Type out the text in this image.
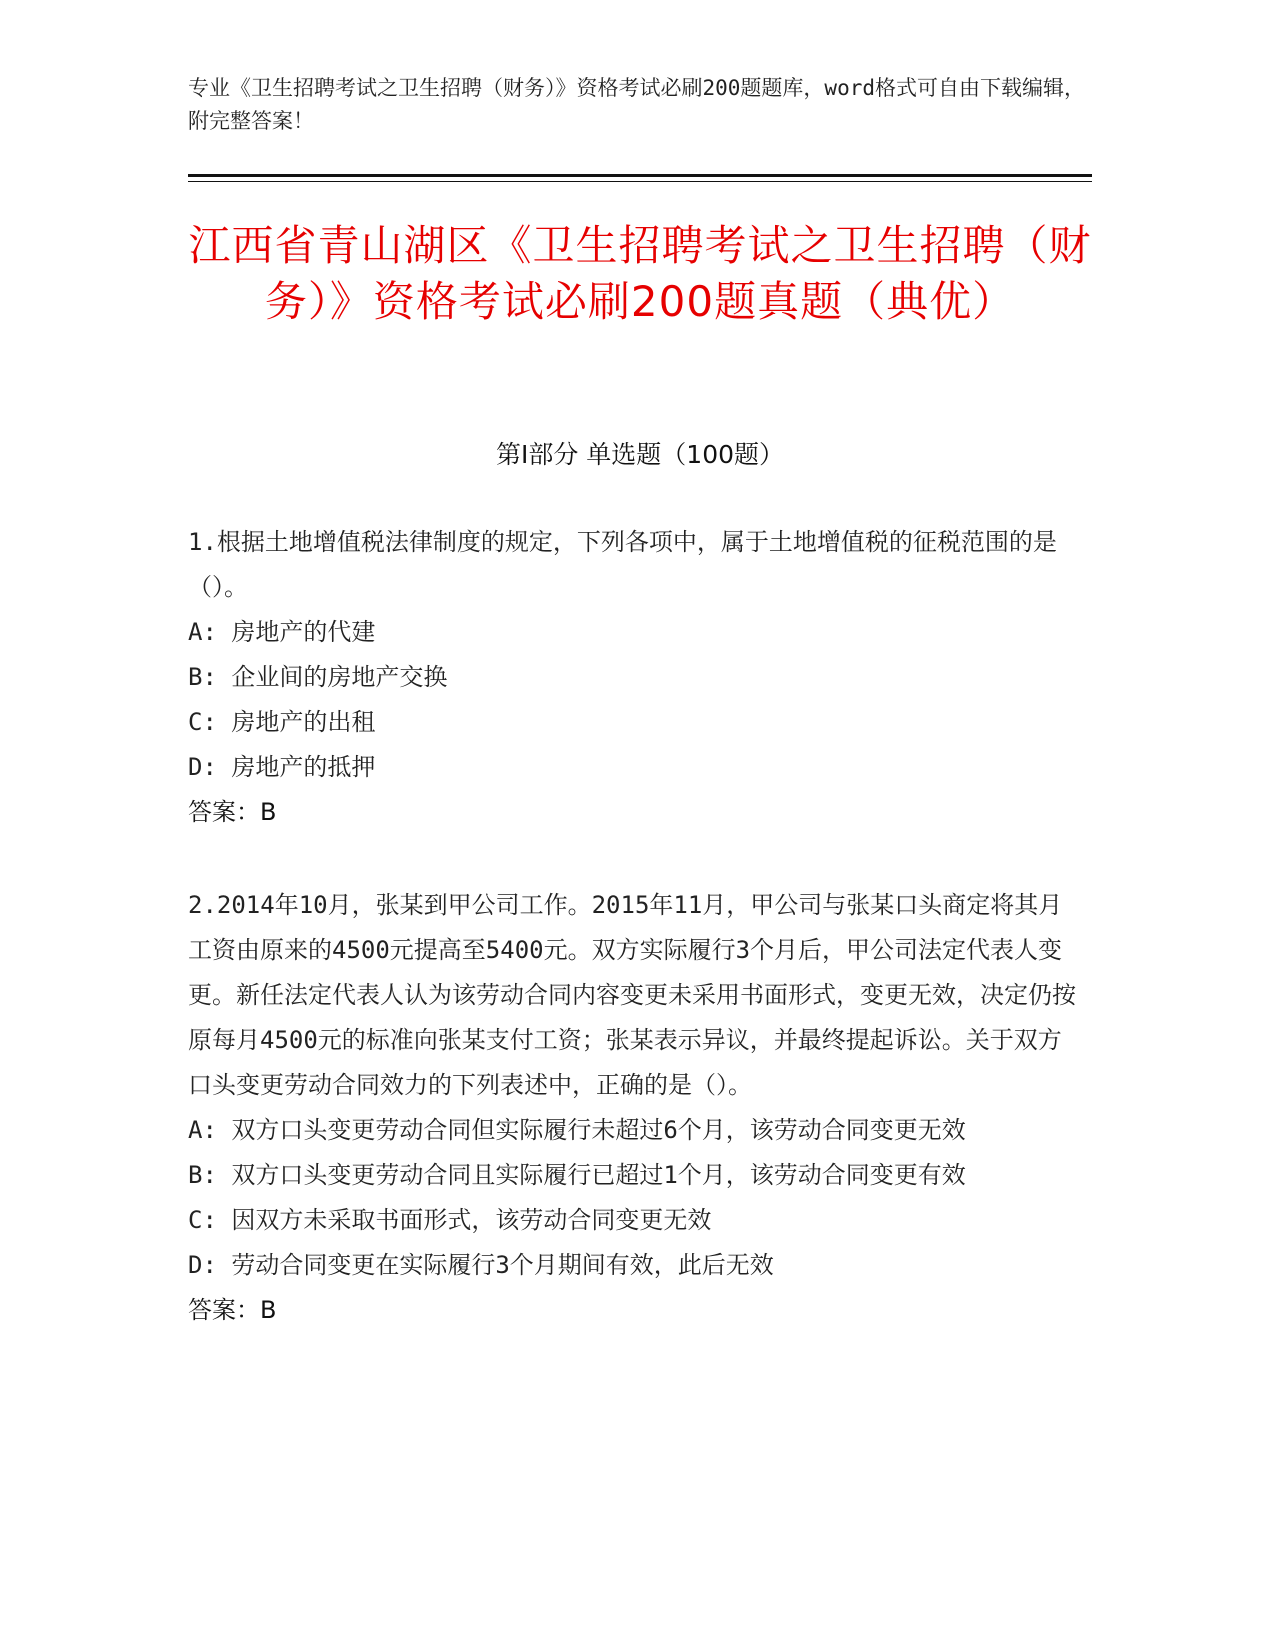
专业《卫生招聘考试之卫生招聘（财务）》资格考试必刷200题题库，word格式可自由下载编辑，附完整答案！
江西省青山湖区《卫生招聘考试之卫生招聘（财务）》资格考试必刷200题真题（典优）
第I部分 单选题（100题）

1.根据土地增值税法律制度的规定，下列各项中，属于土地增值税的征税范围的是（）。

A: 房地产的代建

B: 企业间的房地产交换

C: 房地产的出租

D: 房地产的抵押

答案：B

2.2014年10月，张某到甲公司工作。2015年11月，甲公司与张某口头商定将其月工资由原来的4500元提高至5400元。双方实际履行3个月后，甲公司法定代表人变更。新任法定代表人认为该劳动合同内容变更未采用书面形式，变更无效，决定仍按原每月4500元的标准向张某支付工资；张某表示异议，并最终提起诉讼。关于双方口头变更劳动合同效力的下列表述中，正确的是（）。

A: 双方口头变更劳动合同但实际履行未超过6个月，该劳动合同变更无效

B: 双方口头变更劳动合同且实际履行已超过1个月，该劳动合同变更有效

C: 因双方未采取书面形式，该劳动合同变更无效

D: 劳动合同变更在实际履行3个月期间有效，此后无效

答案：B
